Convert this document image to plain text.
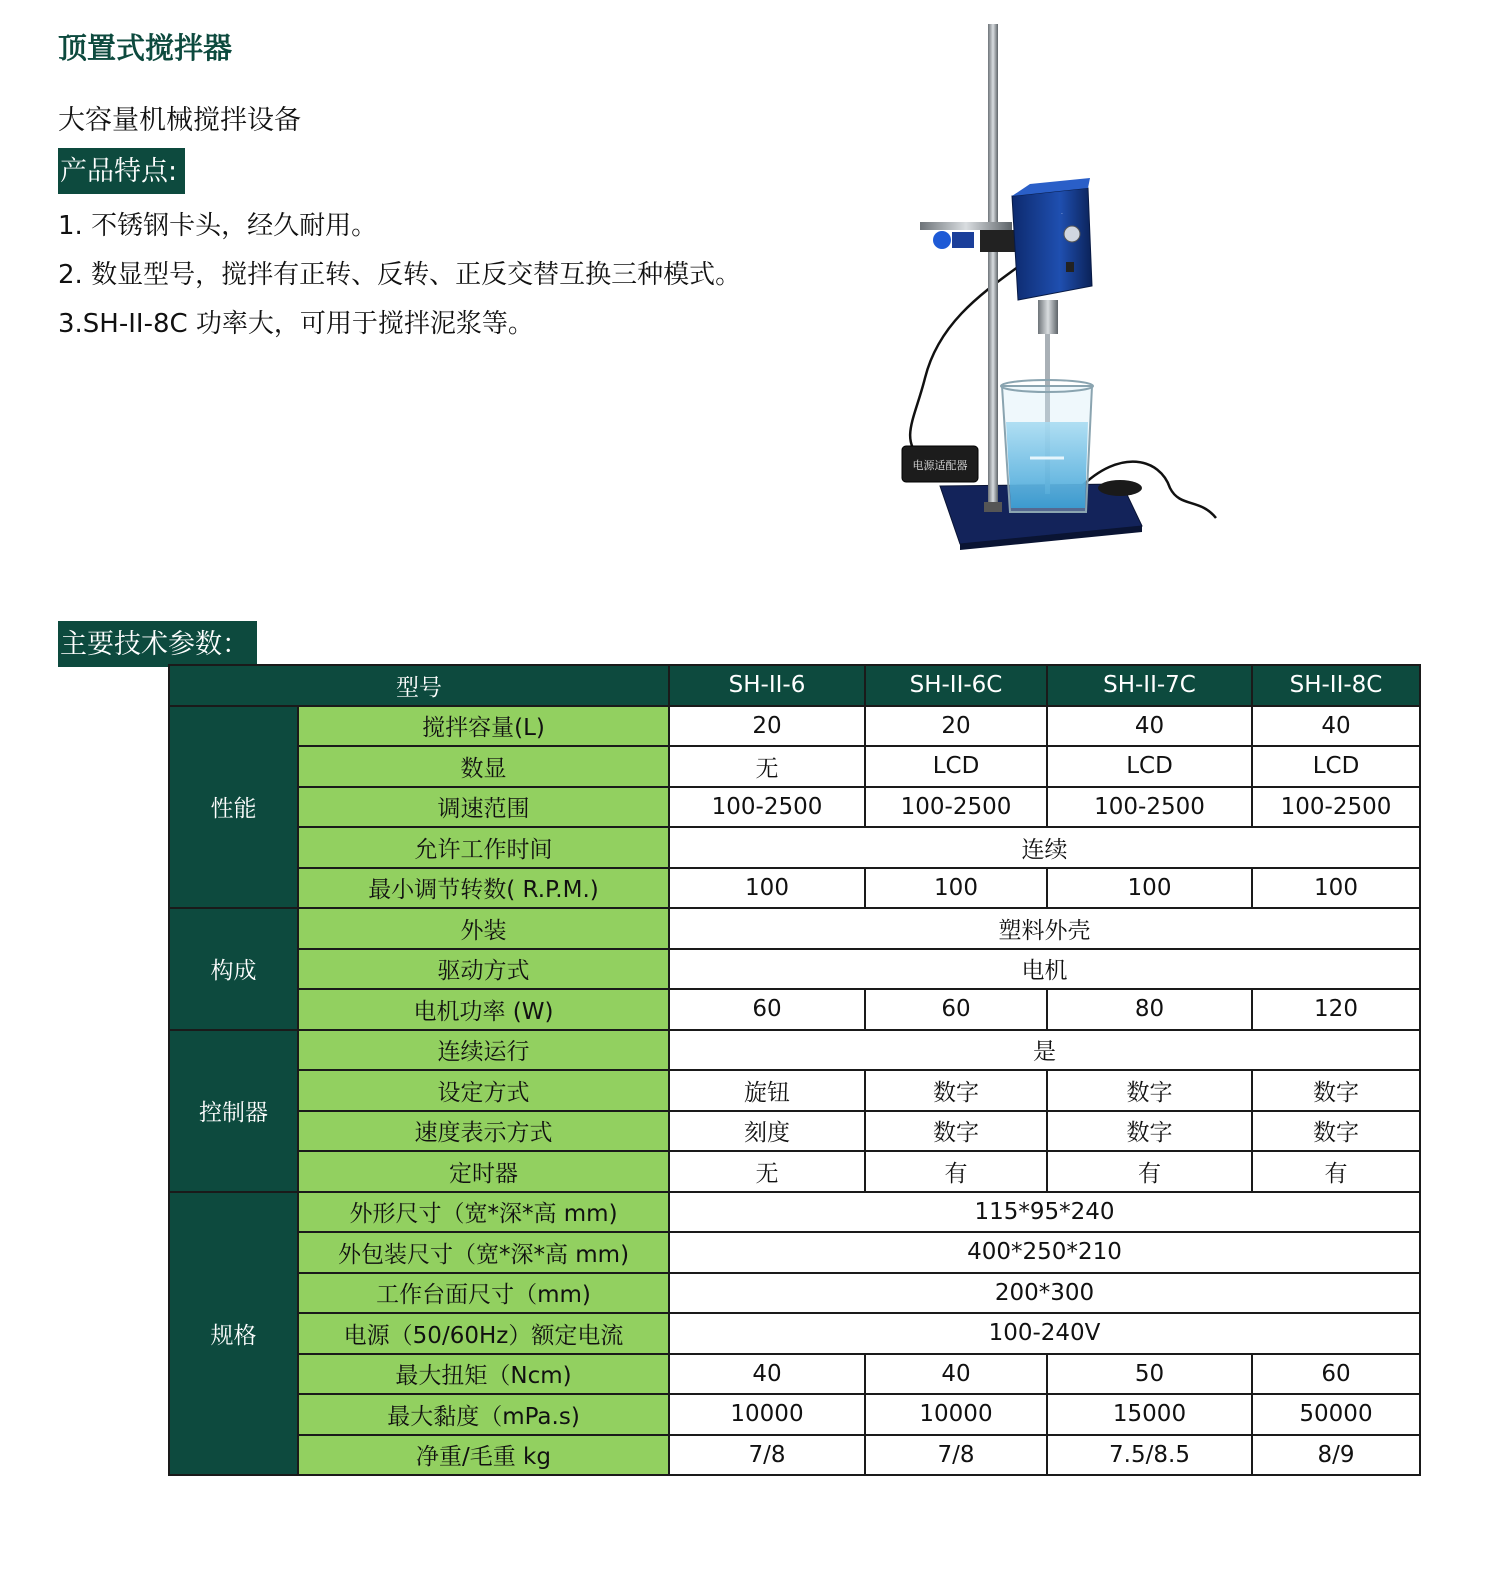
顶置式搅拌器
大容量机械搅拌设备
产品特点:
1. 不锈钢卡头，经久耐用。
2. 数显型号，搅拌有正转、反转、正反交替互换三种模式。
3.SH-II-8C 功率大，可用于搅拌泥浆等。
电源适配器
.
主要技术参数：
型号		SH-II-6	SH-II-6C	SH-II-7C	SH-II-8C
性能	搅拌容量(L)	20	20	40	40
	数显	无	LCD	LCD	LCD
	调速范围	100-2500	100-2500	100-2500	100-2500
	允许工作时间	连续			
	最小调节转数( R.P.M.)	100	100	100	100
构成	外装	塑料外壳			
	驱动方式	电机			
	电机功率 (W)	60	60	80	120
控制器	连续运行	是			
	设定方式	旋钮	数字	数字	数字
	速度表示方式	刻度	数字	数字	数字
	定时器	无	有	有	有
规格	外形尺寸（宽*深*高 mm)	115*95*240			
	外包装尺寸（宽*深*高 mm)	400*250*210			
	工作台面尺寸（mm)	200*300			
	电源（50/60Hz）额定电流	100-240V			
	最大扭矩（Ncm)	40	40	50	60
	最大黏度（mPa.s)	10000	10000	15000	50000
	净重/毛重 kg	7/8	7/8	7.5/8.5	8/9
